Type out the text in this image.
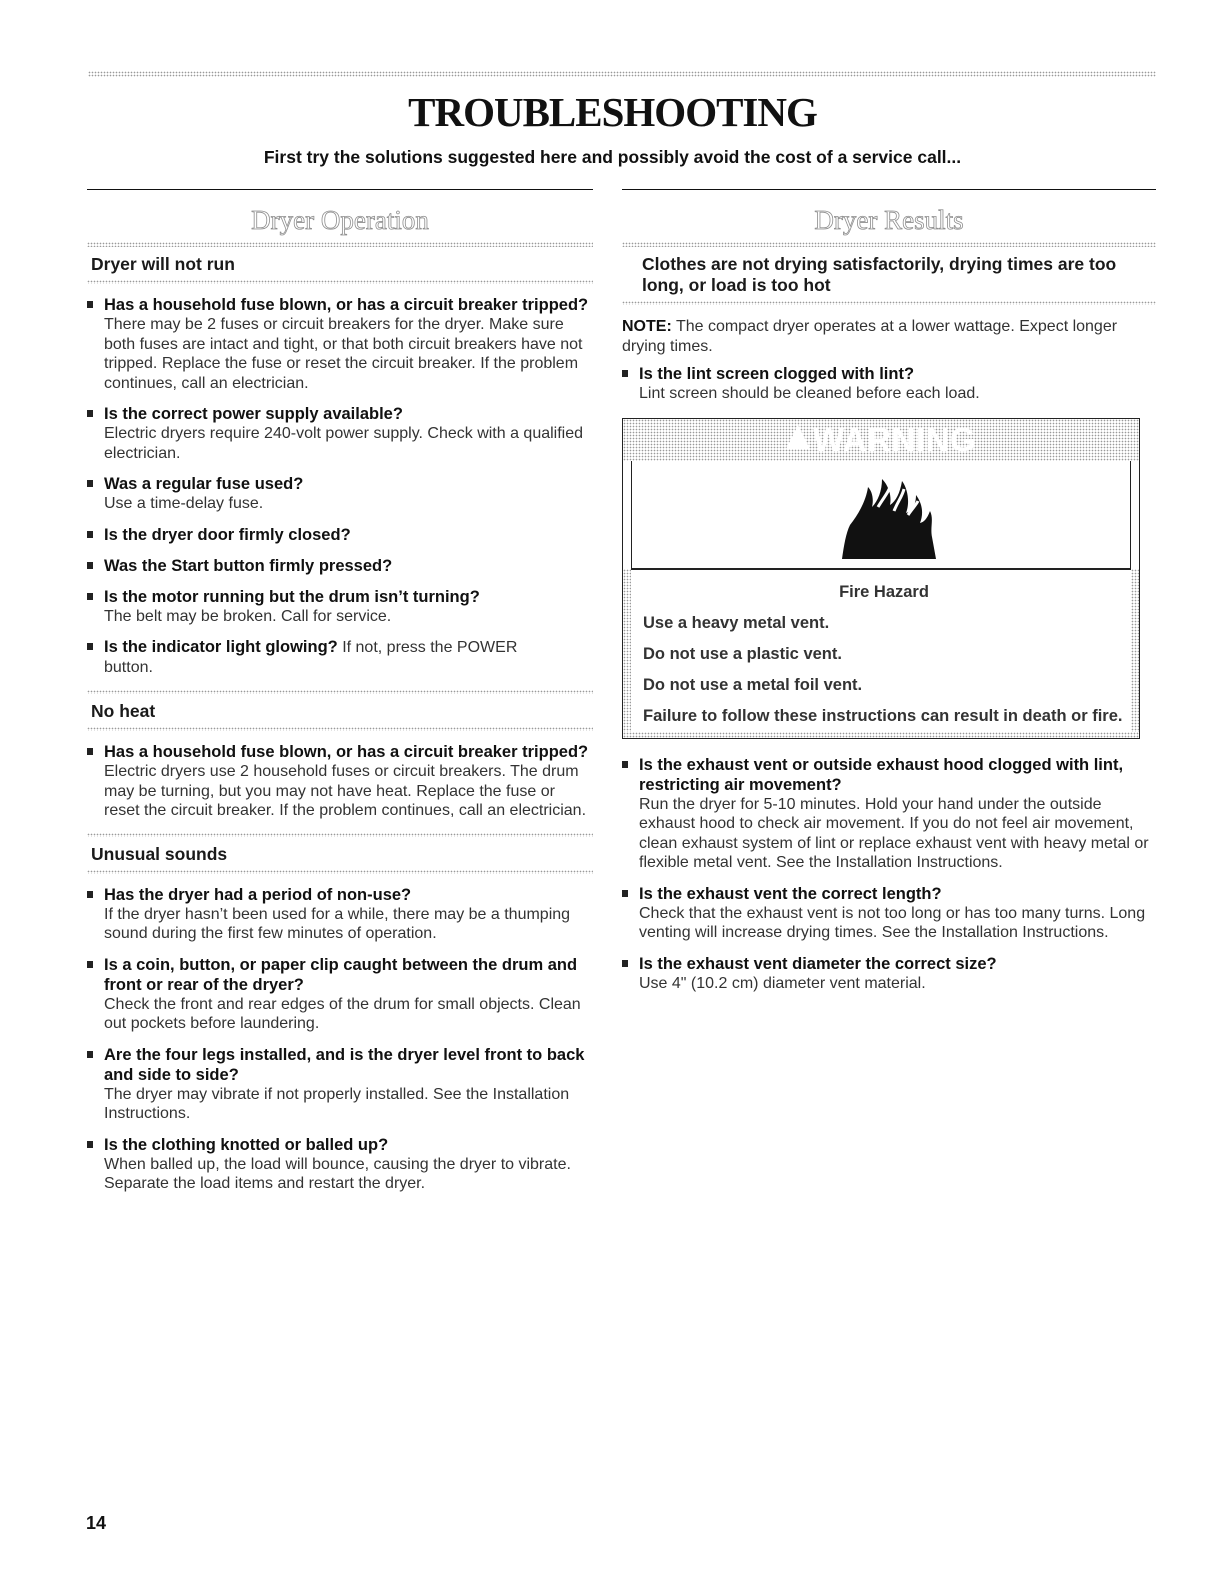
TROUBLESHOOTING
First try the solutions suggested here and possibly avoid the cost of a service call...
Dryer Operation
Dryer will not run
Has a household fuse blown, or has a circuit breaker tripped?
There may be 2 fuses or circuit breakers for the dryer. Make sure both fuses are intact and tight, or that both circuit breakers have not tripped. Replace the fuse or reset the circuit breaker. If the problem continues, call an electrician.
Is the correct power supply available?
Electric dryers require 240-volt power supply. Check with a qualified electrician.
Was a regular fuse used?
Use a time-delay fuse.
Is the dryer door firmly closed?
Was the Start button firmly pressed?
Is the motor running but the drum isn’t turning?
The belt may be broken. Call for service.
Is the indicator light glowing? If not, press the POWER button.
No heat
Has a household fuse blown, or has a circuit breaker tripped?
Electric dryers use 2 household fuses or circuit breakers. The drum may be turning, but you may not have heat. Replace the fuse or reset the circuit breaker. If the problem continues, call an electrician.
Unusual sounds
Has the dryer had a period of non-use?
If the dryer hasn’t been used for a while, there may be a thumping sound during the first few minutes of operation.
Is a coin, button, or paper clip caught between the drum and front or rear of the dryer?
Check the front and rear edges of the drum for small objects. Clean out pockets before laundering.
Are the four legs installed, and is the dryer level front to back and side to side?
The dryer may vibrate if not properly installed. See the Installation Instructions.
Is the clothing knotted or balled up?
When balled up, the load will bounce, causing the dryer to vibrate. Separate the load items and restart the dryer.
Dryer Results
Clothes are not drying satisfactorily, drying times are too long, or load is too hot
NOTE: The compact dryer operates at a lower wattage. Expect longer drying times.
Is the lint screen clogged with lint?
Lint screen should be cleaned before each load.
WARNING
Fire Hazard
Use a heavy metal vent.
Do not use a plastic vent.
Do not use a metal foil vent.
Failure to follow these instructions can result in death or fire.
Is the exhaust vent or outside exhaust hood clogged with lint, restricting air movement?
Run the dryer for 5-10 minutes. Hold your hand under the outside exhaust hood to check air movement. If you do not feel air movement, clean exhaust system of lint or replace exhaust vent with heavy metal or flexible metal vent. See the Installation Instructions.
Is the exhaust vent the correct length?
Check that the exhaust vent is not too long or has too many turns. Long venting will increase drying times. See the Installation Instructions.
Is the exhaust vent diameter the correct size?
Use 4" (10.2 cm) diameter vent material.
14
